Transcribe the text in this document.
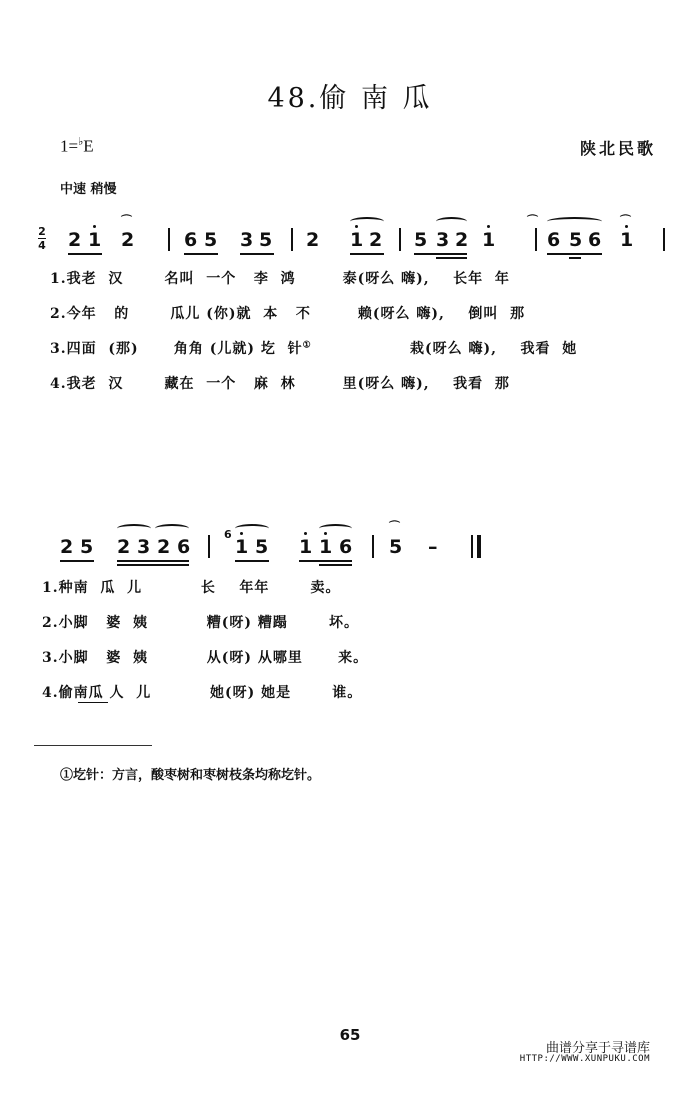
48.偷 南 瓜
1=♭E	陕北民歌
中速 稍慢
2
4

2

1

2

	6

5

3

5

2

1

2

5

3

2

1

	6

5

6

1

⌒

	⌒

	⌒

1.我老  汉       名叫  一个   李  鸿        泰(呀么 嗨),    长年  年
2.今年   的       瓜儿 (你)就  本   不        赖(呀么 嗨),    倒叫  那
3.四面  (那)      角角 (儿就) 圪  针①	栽(呀么 嗨),    我看  她
4.我老  汉       藏在  一个   麻  林        里(呀么 嗨),    我看  那

2

5

2

3

2

6

6

1

5

1

1

6

5

–

⌒

1.种南  瓜  儿          长    年年       卖。
2.小脚   婆  姨          糟(呀) 糟蹋       坏。
3.小脚   婆  姨          从(呀) 从哪里      来。
4.偷南瓜 人  儿          她(呀) 她是       谁。
①圪针：方言，酸枣树和枣树枝条均称圪针。
65
曲谱分享于寻谱库
HTTP://WWW.XUNPUKU.COM
